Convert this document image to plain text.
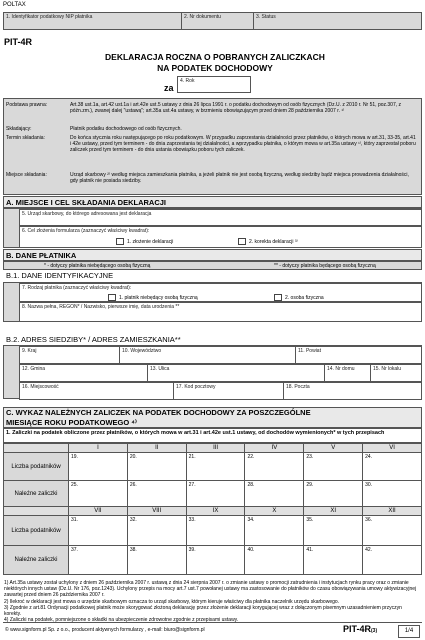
POLTAX
1. Identyfikator podatkowy NIP płatnika	2. Nr dokumentu	3. Status
PIT-4R
DEKLARACJA ROCZNA O POBRANYCH ZALICZKACH
NA PODATEK DOCHODOWY
za
4. Rok
Podstawa prawna:	Art.38 ust.1a, art.42 ust.1a i art.42e ust.5 ustawy z dnia 26 lipca 1991 r. o podatku dochodowym od osób fizycznych (Dz.U. z 2010 r. Nr 51, poz.307, z późn.zm.), zwanej dalej "ustawą"; art.35a ust.4a ustawy, w brzmieniu obowiązującym przed dniem 28 października 2007 r. ¹⁾
Składający:	Płatnik podatku dochodowego od osób fizycznych.
Termin składania:	Do końca stycznia roku następującego po roku podatkowym. W przypadku zaprzestania działalności przez płatników, o których mowa w art.31, 33-35, art.41 i 42e ustawy, przed tym terminem - do dnia zaprzestania tej działalności, a wprzypadku płatnika, o którym mowa w art.35a ustawy ¹⁾, który zaprzestał poboru zaliczek przed tym terminem - do dnia ustania obowiązku poboru tych zaliczek.
Miejsce składania:	Urząd skarbowy ²⁾ według miejsca zamieszkania płatnika, a jeżeli płatnik nie jest osobą fizyczną, według siedziby bądź miejsca prowadzenia działalności, gdy płatnik nie posiada siedziby.
A. MIEJSCE I CEL SKŁADANIA DEKLARACJI
5. Urząd skarbowy, do którego adresowana jest deklaracja
6. Cel złożenia formularza (zaznaczyć właściwy kwadrat):
1. złożenie deklaracji	2. korekta deklaracji ³⁾
B. DANE PŁATNIKA
* - dotyczy płatnika niebędącego osobą fizyczną	** - dotyczy płatnika będącego osobą fizyczną
B.1. DANE IDENTYFIKACYJNE
7. Rodzaj płatnika (zaznaczyć właściwy kwadrat):
1. płatnik niebędący osobą fizyczną	2. osoba fizyczna
8. Nazwa pełna, REGON* / Nazwisko, pierwsze imię, data urodzenia **
B.2. ADRES SIEDZIBY* / ADRES ZAMIESZKANIA**
9. Kraj	10. Województwo	11. Powiat
12. Gmina	13. Ulica	14. Nr domu	15. Nr lokalu
16. Miejscowość	17. Kod pocztowy	18. Poczta
C. WYKAZ NALEŻNYCH ZALICZEK NA PODATEK DOCHODOWY ZA POSZCZEGÓLNE
MIESIĄCE ROKU PODATKOWEGO ⁴⁾
1. Zaliczki na podatek obliczone przez płatników, o których mowa w art.31 i art.42e ust.1 ustawy, od dochodów wymienionych* w tych przepisach
I	II	III	IV	V	VI
Liczba podatników
19.	20.	21.	22.	23.	24.
Należne zaliczki
25.	26.	27.	28.	29.	30.
VII	VIII	IX	X	XI	XII
Liczba podatników
31.	32.	33.	34.	35.	36.
Należne zaliczki
37.	38.	39.	40.	41.	42.
1) Art.35a ustawy został uchylony z dniem 26 października 2007 r. ustawą z dnia 24 sierpnia 2007 r. o zmianie ustawy o promocji zatrudnienia i instytucjach rynku pracy oraz o zmianie niektórych innych ustaw (Dz.U. Nr 176, poz.1243). Uchylony przepis na mocy art.7 ust.7 powołanej ustawy ma zastosowanie do płatników do czasu obowiązywania umowy aktywizacyjnej zawartej przed dniem 26 października 2007 r.
2) Ilekroć w deklaracji jest mowa o urzędzie skarbowym oznacza to urząd skarbowy, którym kieruje właściwy dla płatnika naczelnik urzędu skarbowego.
3) Zgodnie z art.81 Ordynacji podatkowej płatnik może skorygować złożoną deklarację przez złożenie deklaracji korygującej wraz z dołączonym pisemnym uzasadnieniem przyczyn korekty.
4) Zaliczki na podatek, pomniejszone o składki na ubezpieczenie zdrowotne zgodnie z przepisami ustawy.
© www.signform.pl Sp. z o.o., producent aktywnych formularzy , e-mail: biuro@signform.pl	PIT-4R(3)	1/4
